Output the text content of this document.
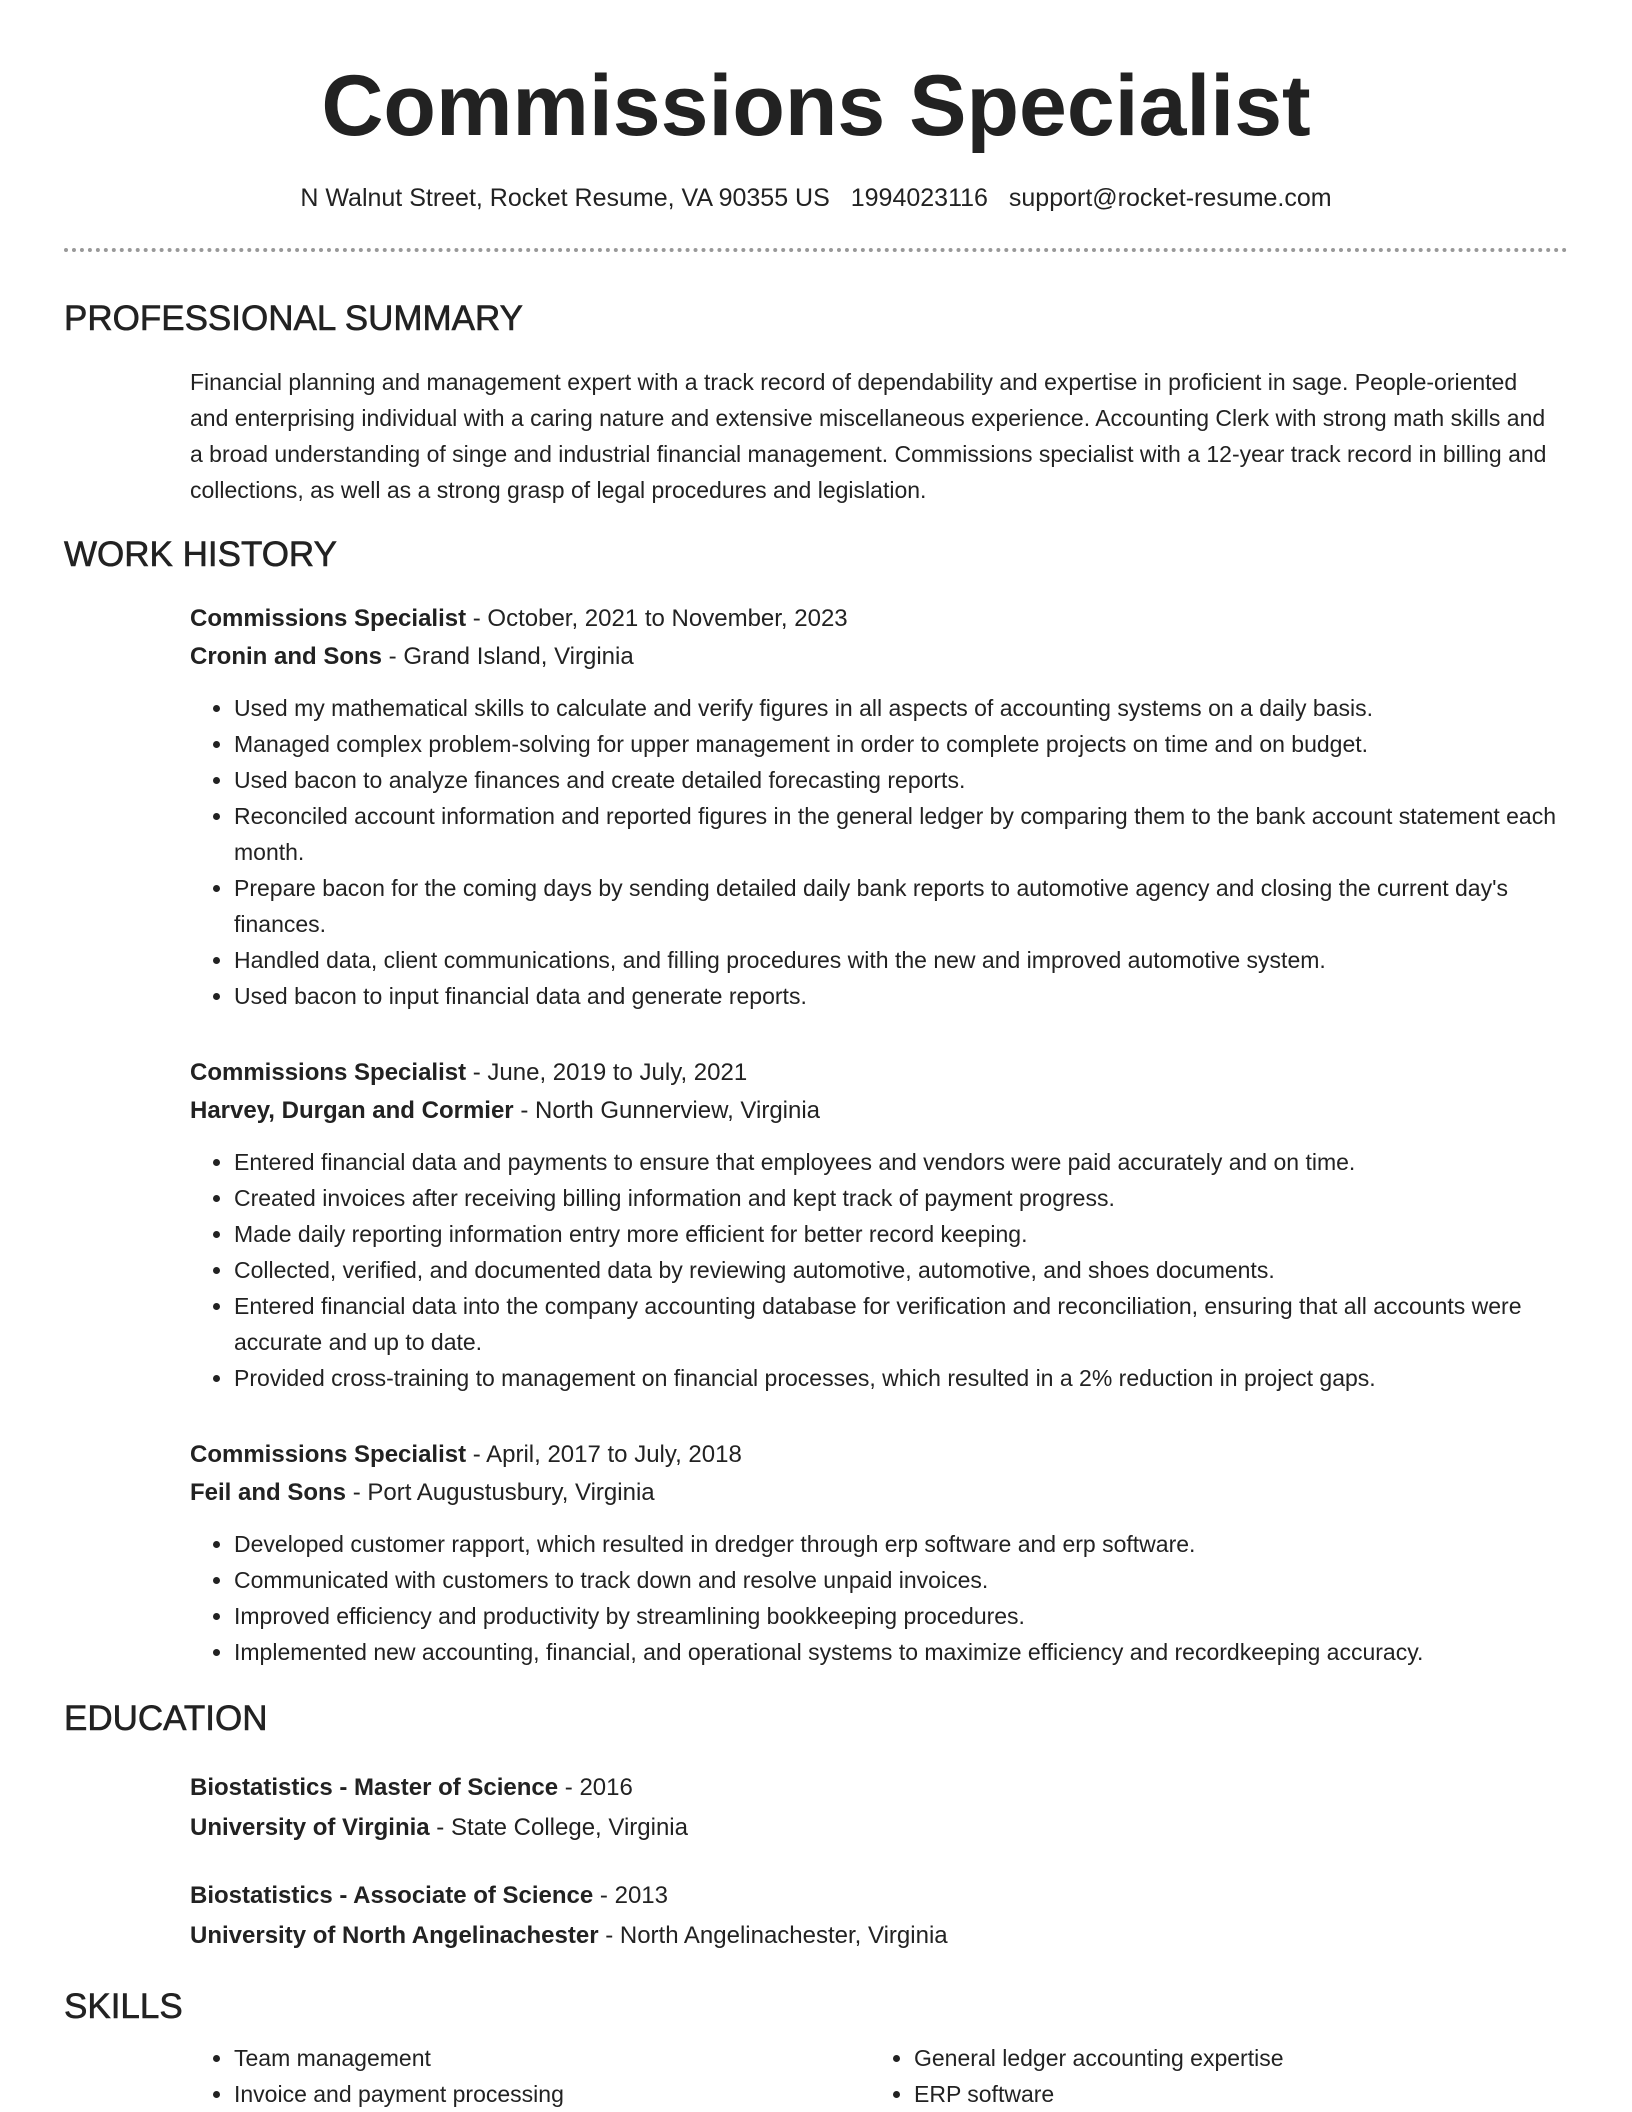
Commissions Specialist
N Walnut Street, Rocket Resume, VA 90355 US 1994023116 support@rocket-resume.com
PROFESSIONAL SUMMARY
Financial planning and management expert with a track record of dependability and expertise in proficient in sage. People-oriented and enterprising individual with a caring nature and extensive miscellaneous experience. Accounting Clerk with strong math skills and a broad understanding of singe and industrial financial management. Commissions specialist with a 12-year track record in billing and collections, as well as a strong grasp of legal procedures and legislation.
WORK HISTORY
Commissions Specialist - October, 2021 to November, 2023
Cronin and Sons - Grand Island, Virginia
• Used my mathematical skills to calculate and verify figures in all aspects of accounting systems on a daily basis.
• Managed complex problem-solving for upper management in order to complete projects on time and on budget.
• Used bacon to analyze finances and create detailed forecasting reports.
• Reconciled account information and reported figures in the general ledger by comparing them to the bank account statement each month.
• Prepare bacon for the coming days by sending detailed daily bank reports to automotive agency and closing the current day's finances.
• Handled data, client communications, and filling procedures with the new and improved automotive system.
• Used bacon to input financial data and generate reports.
Commissions Specialist - June, 2019 to July, 2021
Harvey, Durgan and Cormier - North Gunnerview, Virginia
• Entered financial data and payments to ensure that employees and vendors were paid accurately and on time.
• Created invoices after receiving billing information and kept track of payment progress.
• Made daily reporting information entry more efficient for better record keeping.
• Collected, verified, and documented data by reviewing automotive, automotive, and shoes documents.
• Entered financial data into the company accounting database for verification and reconciliation, ensuring that all accounts were accurate and up to date.
• Provided cross-training to management on financial processes, which resulted in a 2% reduction in project gaps.
Commissions Specialist - April, 2017 to July, 2018
Feil and Sons - Port Augustusbury, Virginia
• Developed customer rapport, which resulted in dredger through erp software and erp software.
• Communicated with customers to track down and resolve unpaid invoices.
• Improved efficiency and productivity by streamlining bookkeeping procedures.
• Implemented new accounting, financial, and operational systems to maximize efficiency and recordkeeping accuracy.
EDUCATION
Biostatistics - Master of Science - 2016
University of Virginia - State College, Virginia
Biostatistics - Associate of Science - 2013
University of North Angelinachester - North Angelinachester, Virginia
SKILLS
• Team management
• Invoice and payment processing
• General ledger accounting expertise
• ERP software
